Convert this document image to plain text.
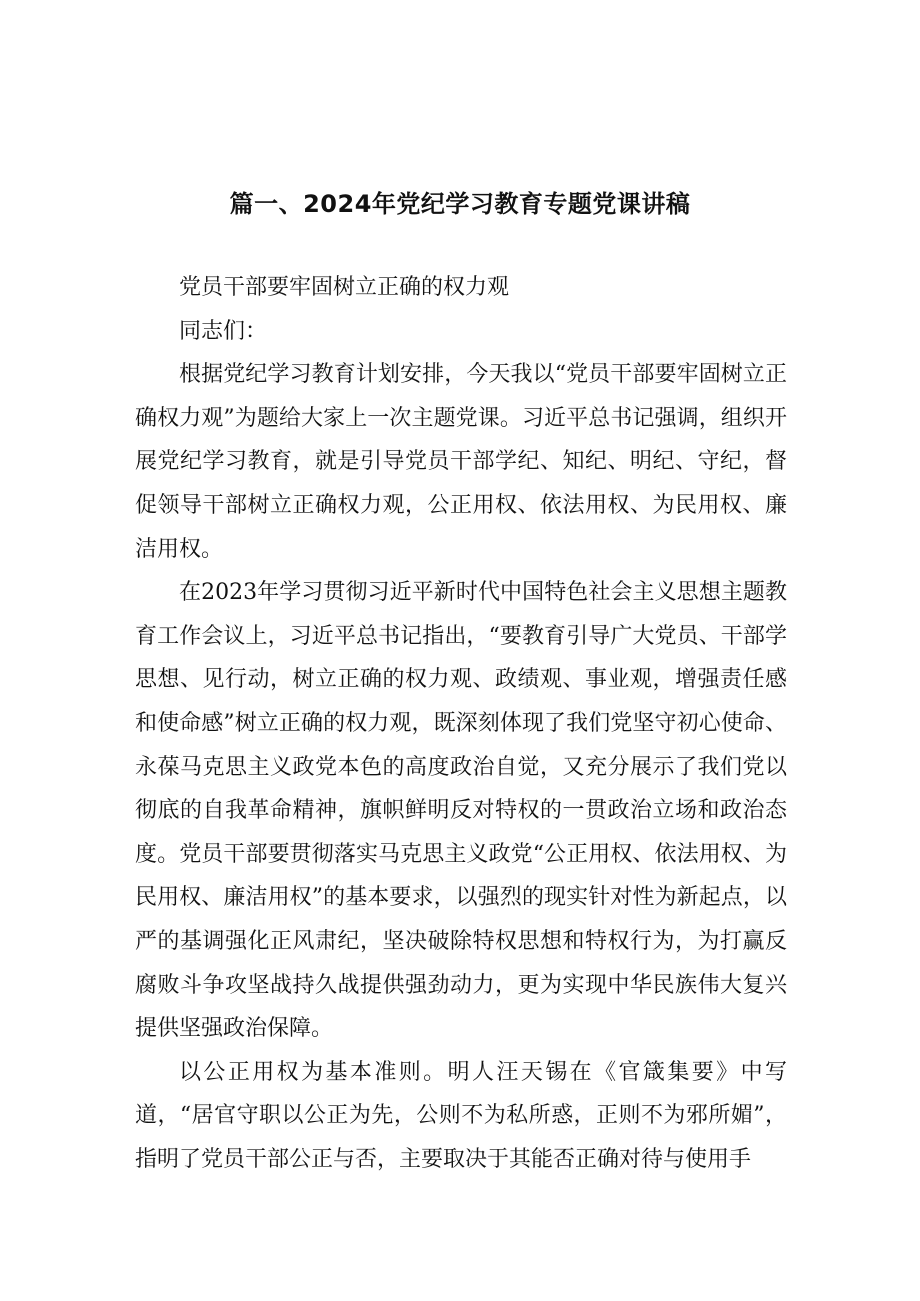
篇一、2024年党纪学习教育专题党课讲稿

党员干部要牢固树立正确的权力观

同志们：

根据党纪学习教育计划安排，今天我以“党员干部要牢固树立正确权力观”为题给大家上一次主题党课。习近平总书记强调，组织开展党纪学习教育，就是引导党员干部学纪、知纪、明纪、守纪，督促领导干部树立正确权力观，公正用权、依法用权、为民用权、廉洁用权。

在2023年学习贯彻习近平新时代中国特色社会主义思想主题教育工作会议上，习近平总书记指出，“要教育引导广大党员、干部学思想、见行动，树立正确的权力观、政绩观、事业观，增强责任感和使命感”树立正确的权力观，既深刻体现了我们党坚守初心使命、永葆马克思主义政党本色的高度政治自觉，又充分展示了我们党以彻底的自我革命精神，旗帜鲜明反对特权的一贯政治立场和政治态度。党员干部要贯彻落实马克思主义政党“公正用权、依法用权、为民用权、廉洁用权”的基本要求，以强烈的现实针对性为新起点，以严的基调强化正风肃纪，坚决破除特权思想和特权行为，为打赢反腐败斗争攻坚战持久战提供强劲动力，更为实现中华民族伟大复兴提供坚强政治保障。

以公正用权为基本准则。明人汪天锡在《官箴集要》中写道，“居官守职以公正为先，公则不为私所惑，正则不为邪所媚”，指明了党员干部公正与否，主要取决于其能否正确对待与使用手
